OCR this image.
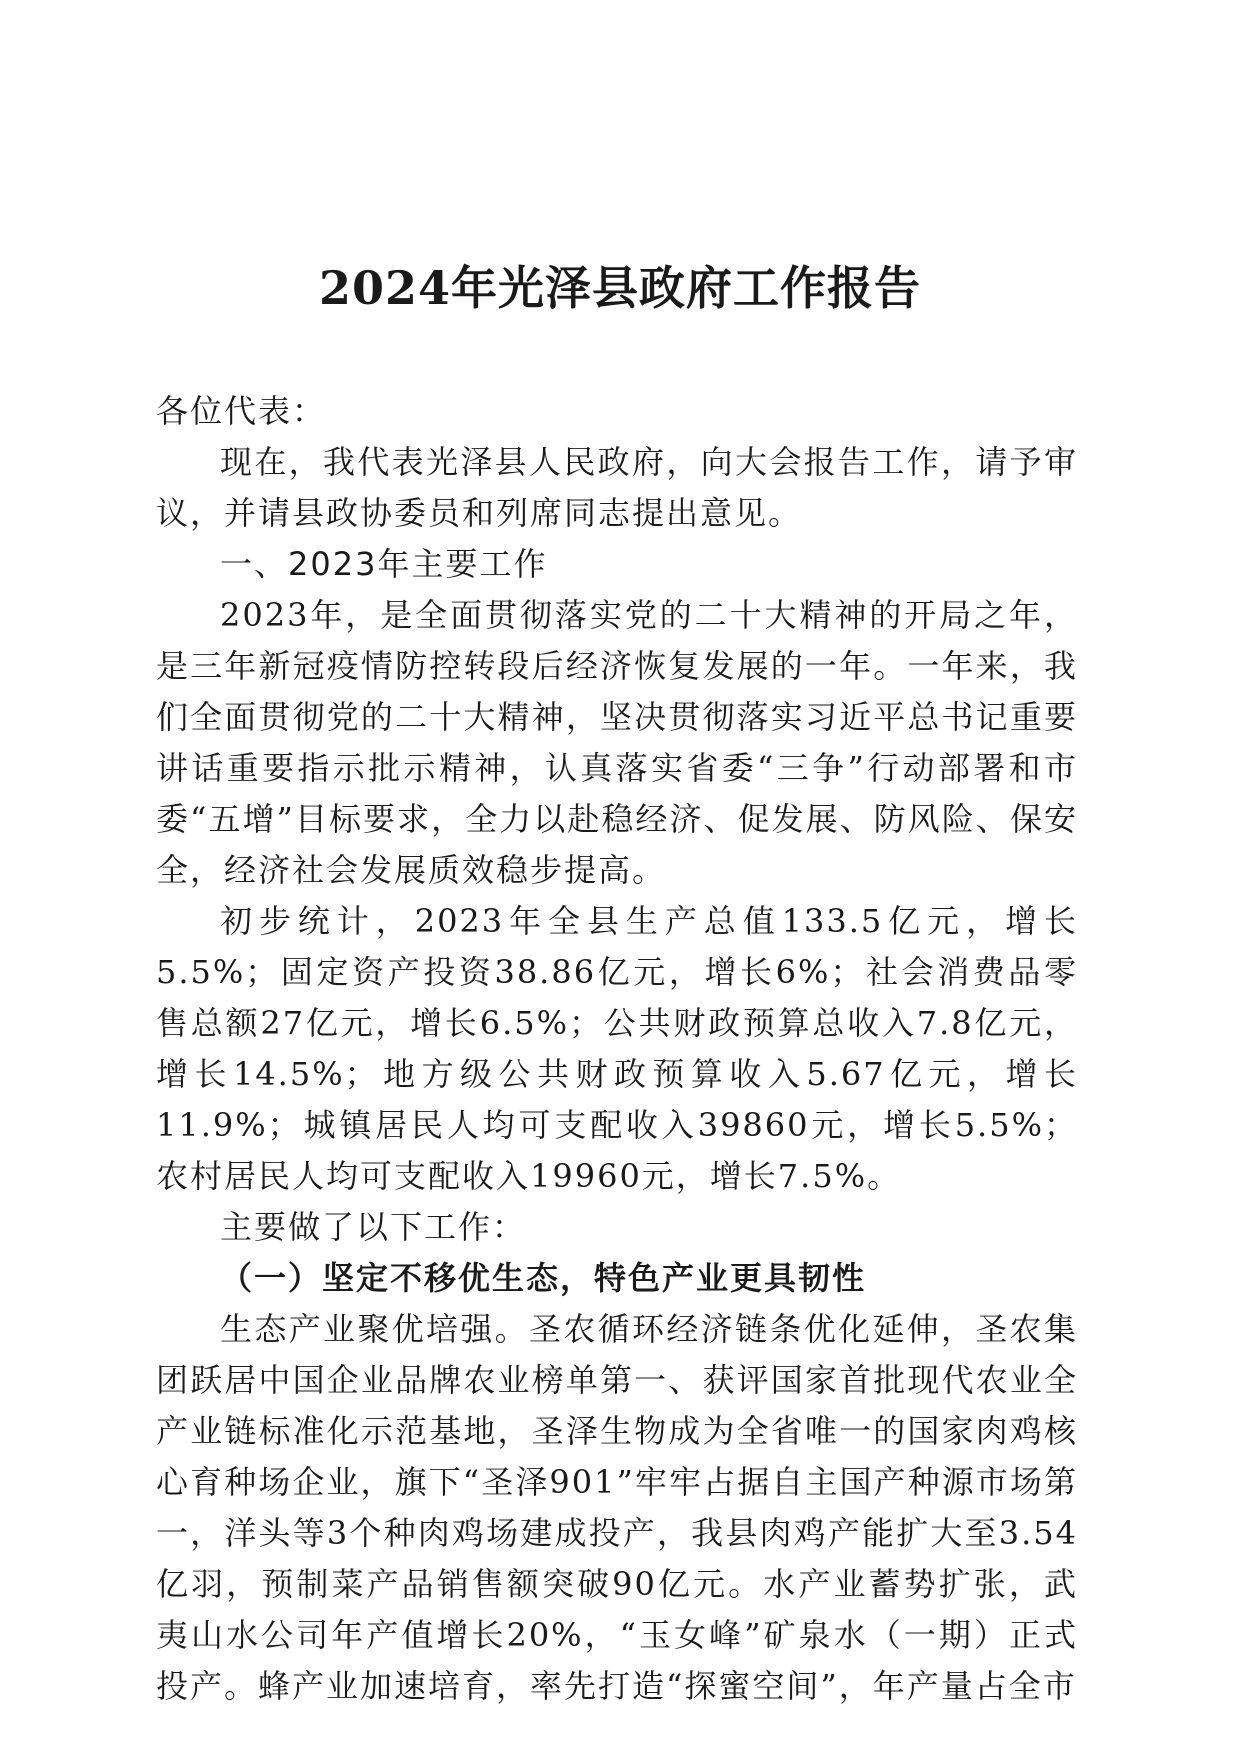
2024年光泽县政府工作报告

各位代表：

现在，我代表光泽县人民政府，向大会报告工作，请予审议，并请县政协委员和列席同志提出意见。

一、2023年主要工作

2023年，是全面贯彻落实党的二十大精神的开局之年，是三年新冠疫情防控转段后经济恢复发展的一年。一年来，我们全面贯彻党的二十大精神，坚决贯彻落实习近平总书记重要讲话重要指示批示精神，认真落实省委“三争”行动部署和市委“五增”目标要求，全力以赴稳经济、促发展、防风险、保安全，经济社会发展质效稳步提高。

初步统计，2023年全县生产总值133.5亿元，增长5.5%；固定资产投资38.86亿元，增长6%；社会消费品零售总额27亿元，增长6.5%；公共财政预算总收入7.8亿元，增长14.5%；地方级公共财政预算收入5.67亿元，增长11.9%；城镇居民人均可支配收入39860元，增长5.5%；农村居民人均可支配收入19960元，增长7.5%。

主要做了以下工作：

（一）坚定不移优生态，特色产业更具韧性

生态产业聚优培强。圣农循环经济链条优化延伸，圣农集团跃居中国企业品牌农业榜单第一、获评国家首批现代农业全产业链标准化示范基地，圣泽生物成为全省唯一的国家肉鸡核心育种场企业，旗下“圣泽901”牢牢占据自主国产种源市场第一，洋头等3个种肉鸡场建成投产，我县肉鸡产能扩大至3.54亿羽，预制菜产品销售额突破90亿元。水产业蓄势扩张，武夷山水公司年产值增长20%，“玉女峰”矿泉水（一期）正式投产。蜂产业加速培育，率先打造“探蜜空间”，年产量占全市
